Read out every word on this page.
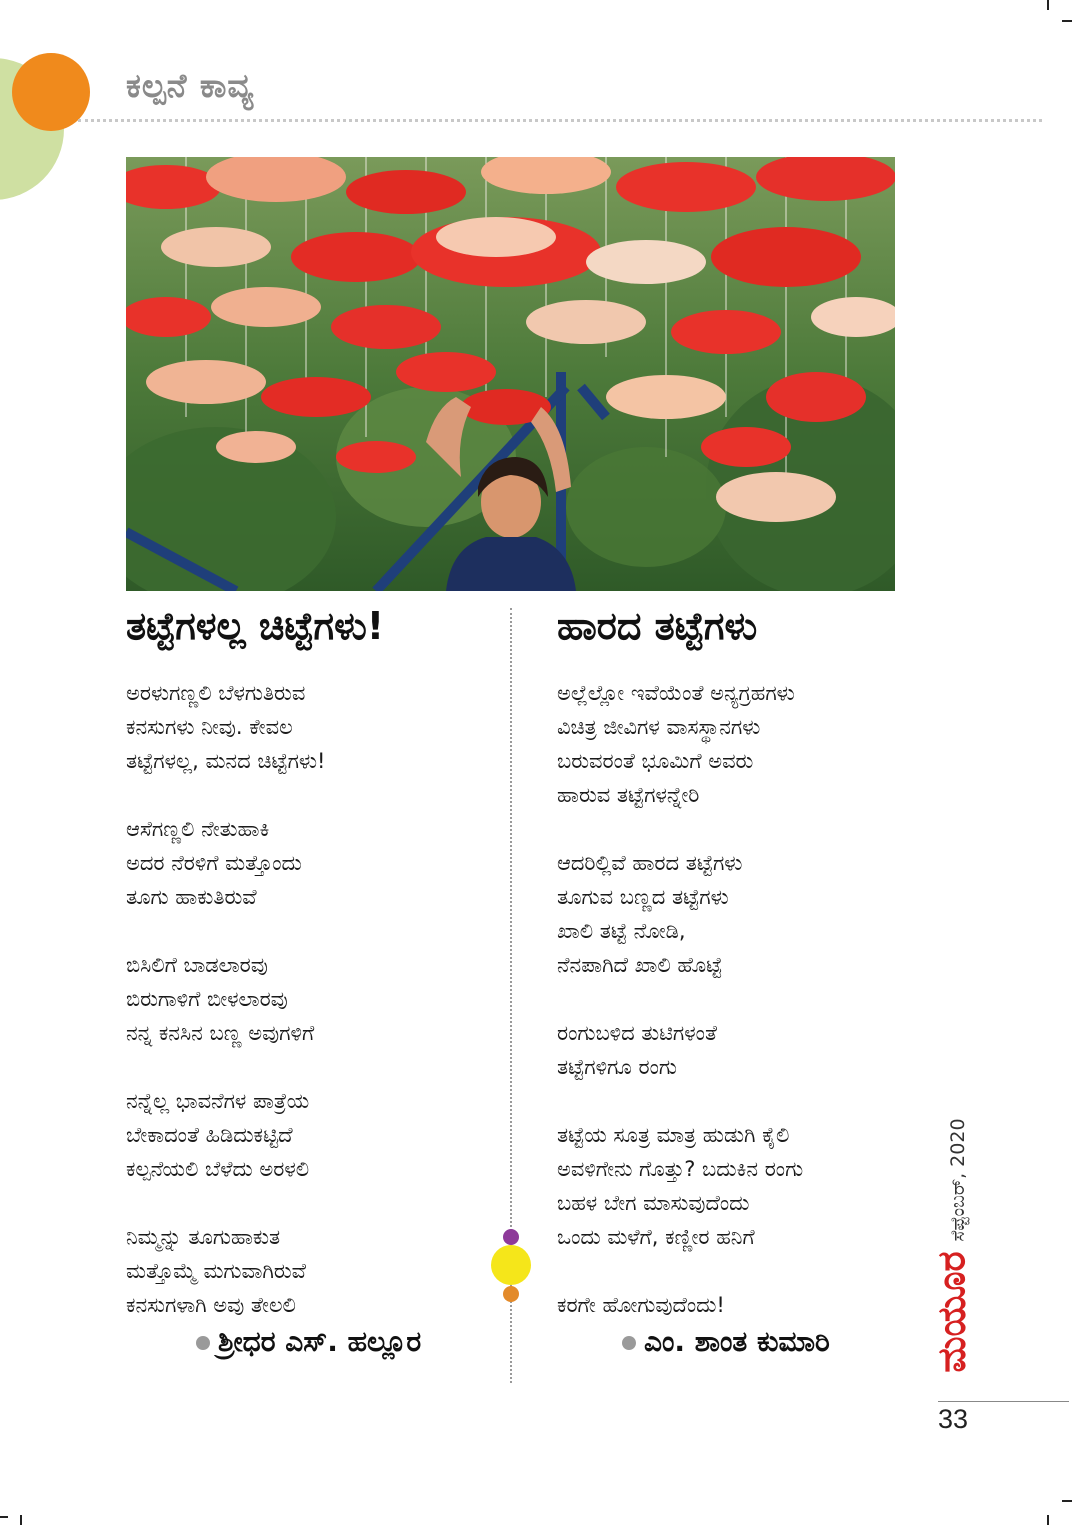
ಕಲ್ಪನೆ ಕಾವ್ಯ
ತಟ್ಟೆಗಳಲ್ಲ ಚಿಟ್ಟೆಗಳು!
ಅರಳುಗಣ್ಣಲಿ ಬೆಳಗುತಿರುವ
ಕನಸುಗಳು ನೀವು. ಕೇವಲ
ತಟ್ಟೆಗಳಲ್ಲ, ಮನದ ಚಿಟ್ಟೆಗಳು!
ಆಸೆಗಣ್ಣಲಿ ನೇತುಹಾಕಿ
ಅದರ ನೆರಳಿಗೆ ಮತ್ತೊಂದು
ತೂಗು ಹಾಕುತಿರುವೆ
ಬಿಸಿಲಿಗೆ ಬಾಡಲಾರವು
ಬಿರುಗಾಳಿಗೆ ಬೀಳಲಾರವು
ನನ್ನ ಕನಸಿನ ಬಣ್ಣ ಅವುಗಳಿಗೆ
ನನ್ನೆಲ್ಲ ಭಾವನೆಗಳ ಪಾತ್ರೆಯ
ಬೇಕಾದಂತೆ ಹಿಡಿದುಕಟ್ಟಿದೆ
ಕಲ್ಪನೆಯಲಿ ಬೆಳೆದು ಅರಳಲಿ
ನಿಮ್ಮನ್ನು ತೂಗುಹಾಕುತ
ಮತ್ತೊಮ್ಮೆ ಮಗುವಾಗಿರುವೆ
ಕನಸುಗಳಾಗಿ ಅವು ತೇಲಲಿ
ಶ್ರೀಧರ ಎಸ್. ಹಲ್ಲೂರ
ಹಾರದ ತಟ್ಟೆಗಳು
ಅಲ್ಲೆಲ್ಲೋ ಇವೆಯೆಂತೆ ಅನ್ಯಗ್ರಹಗಳು
ವಿಚಿತ್ರ ಜೀವಿಗಳ ವಾಸಸ್ಥಾನಗಳು
ಬರುವರಂತೆ ಭೂಮಿಗೆ ಅವರು
ಹಾರುವ ತಟ್ಟೆಗಳನ್ನೇರಿ
ಆದರಿಲ್ಲಿವೆ ಹಾರದ ತಟ್ಟೆಗಳು
ತೂಗುವ ಬಣ್ಣದ ತಟ್ಟೆಗಳು
ಖಾಲಿ ತಟ್ಟೆ ನೋಡಿ,
ನೆನಪಾಗಿದೆ ಖಾಲಿ ಹೊಟ್ಟೆ
ರಂಗುಬಳಿದ ತುಟಿಗಳಂತೆ
ತಟ್ಟೆಗಳಿಗೂ ರಂಗು
ತಟ್ಟೆಯ ಸೂತ್ರ ಮಾತ್ರ ಹುಡುಗಿ ಕೈಲಿ
ಅವಳಿಗೇನು ಗೊತ್ತು? ಬದುಕಿನ ರಂಗು
ಬಹಳ ಬೇಗ ಮಾಸುವುದೆಂದು
ಒಂದು ಮಳೆಗೆ, ಕಣ್ಣೀರ ಹನಿಗೆ
ಕರಗೇ ಹೋಗುವುದೆಂದು!
ಎಂ. ಶಾಂತ ಕುಮಾರಿ
ಸೆಪ್ಟೆಂಬರ್, 2020
ಮಯೂರ
33
